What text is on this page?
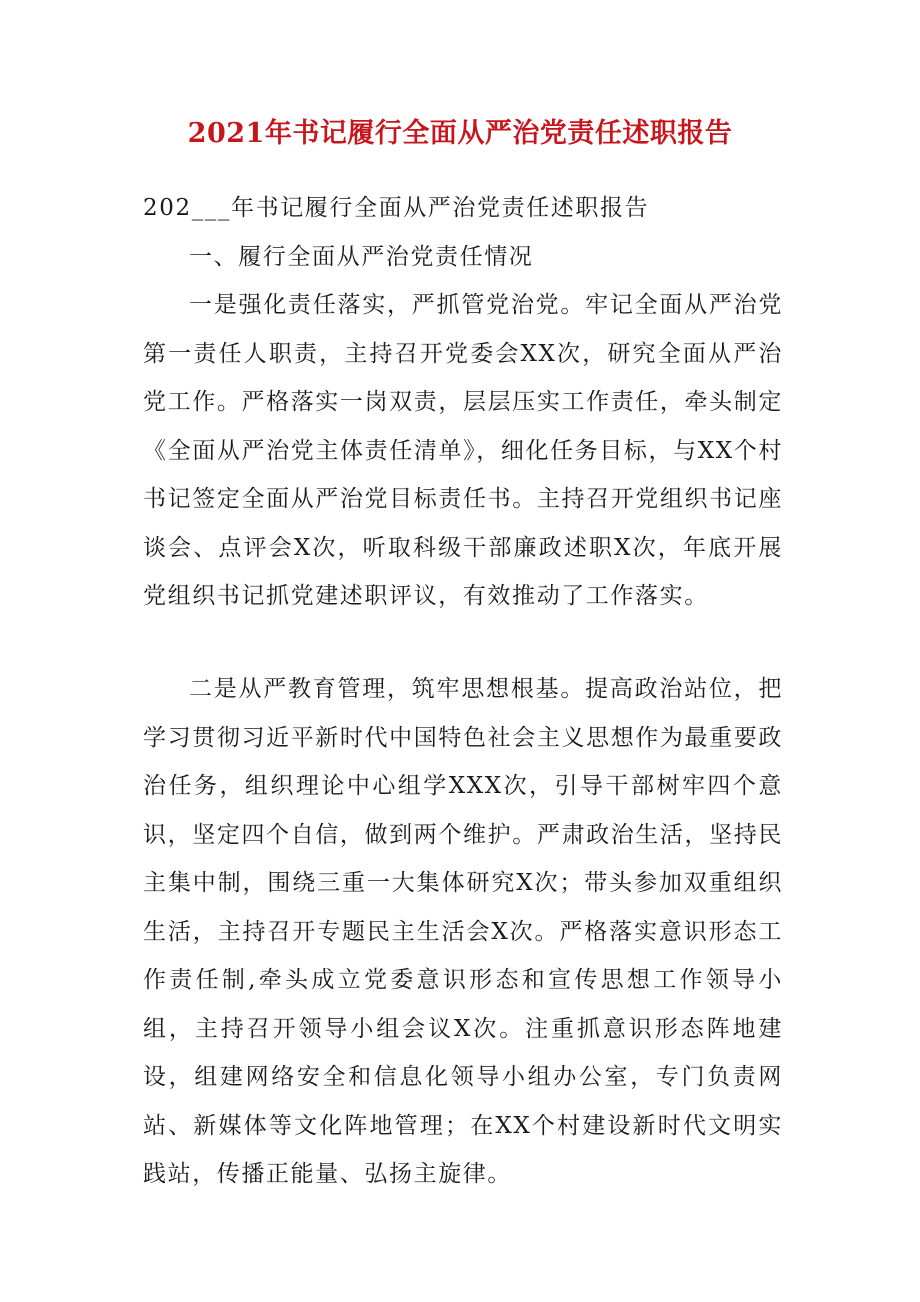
2021年书记履行全面从严治党责任述职报告

202___年书记履行全面从严治党责任述职报告

一、履行全面从严治党责任情况

一是强化责任落实，严抓管党治党。牢记全面从严治党第一责任人职责，主持召开党委会XX次，研究全面从严治党工作。严格落实一岗双责，层层压实工作责任，牵头制定《全面从严治党主体责任清单》，细化任务目标，与XX个村书记签定全面从严治党目标责任书。主持召开党组织书记座谈会、点评会X次，听取科级干部廉政述职X次，年底开展党组织书记抓党建述职评议，有效推动了工作落实。

二是从严教育管理，筑牢思想根基。提高政治站位，把学习贯彻习近平新时代中国特色社会主义思想作为最重要政治任务，组织理论中心组学XXX次，引导干部树牢四个意识，坚定四个自信，做到两个维护。严肃政治生活，坚持民主集中制，围绕三重一大集体研究X次；带头参加双重组织生活，主持召开专题民主生活会X次。严格落实意识形态工作责任制,牵头成立党委意识形态和宣传思想工作领导小组，主持召开领导小组会议X次。注重抓意识形态阵地建设，组建网络安全和信息化领导小组办公室，专门负责网站、新媒体等文化阵地管理；在XX个村建设新时代文明实践站，传播正能量、弘扬主旋律。
